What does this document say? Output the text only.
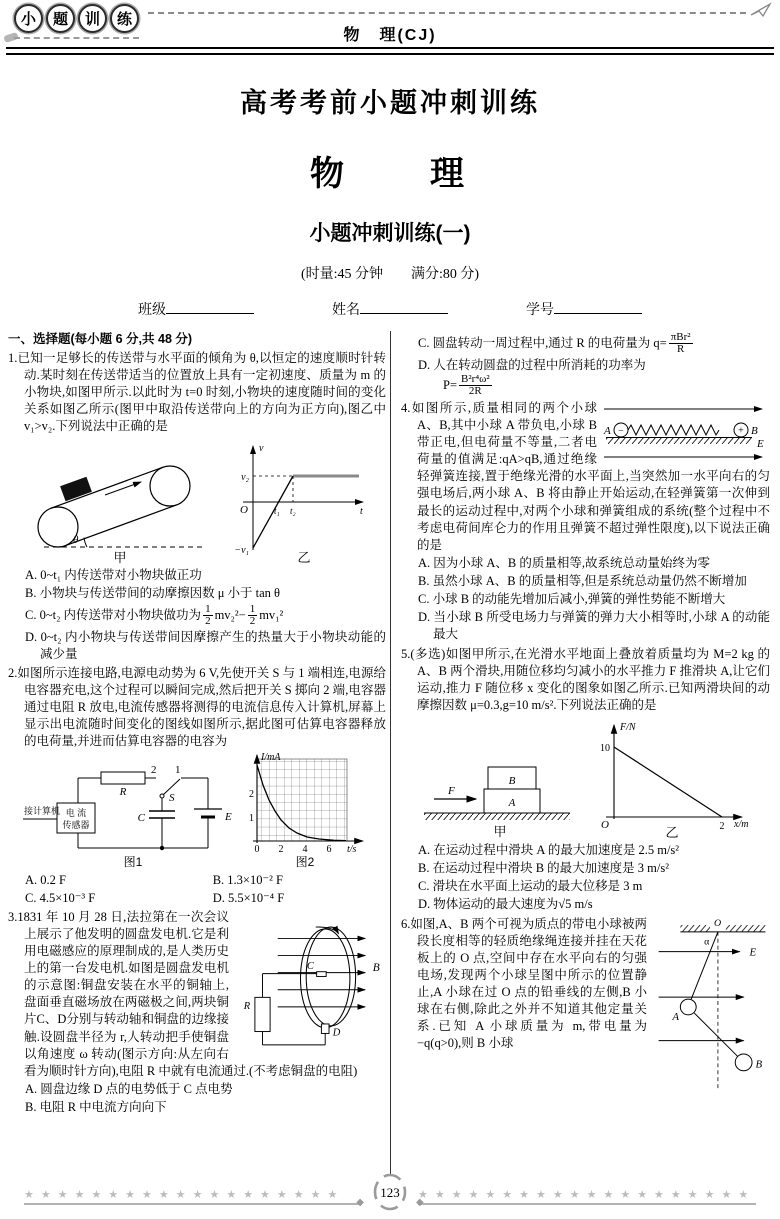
小	题	训	练
物　理(CJ)
高考考前小题冲刺训练
物　　理
小题冲刺训练(一)
(时量:45 分钟　　满分:80 分)
班级	姓名	学号
一、选择题(每小题 6 分,共 48 分)
1.已知一足够长的传送带与水平面的倾角为 θ,以恒定的速度顺时针转动.某时刻在传送带适当的位置放上具有一定初速度、质量为 m 的小物块,如图甲所示.以此时为 t=0 时刻,小物块的速度随时间的变化关系如图乙所示(图甲中取沿传送带向上的方向为正方向),图乙中 v₁>v₂.下列说法中正确的是
θ
甲
v
v₂
O	t₁ t₂	t
−v₁	乙
A. 0~t₁ 内传送带对小物块做正功
B. 小物块与传送带间的动摩擦因数 μ 小于 tan θ
C. 0~t₂ 内传送带对小物块做功为 $\frac{1}{2} mv_2^2- \frac{1}{2} mv_1^2$
D. 0~t₂ 内小物块与传送带间因摩擦产生的热量大于小物块动能的减少量
2.如图所示连接电路,电源电动势为 6 V,先使开关 S 与 1 端相连,电源给电容器充电,这个过程可以瞬间完成,然后把开关 S 掷向 2 端,电容器通过电阻 R 放电,电流传感器将测得的电流信息传入计算机,屏幕上显示出电流随时间变化的图线如图所示,据此图可估算电容器释放的电荷量,并进而估算电容器的电容为
R
2 1
S
C	E
电 流
传感器
接计算机
图1
I/mA
2
1
0 2 4 6 t/s
图2
A. 0.2 F	B. 1.3×10⁻² F
C. 4.5×10⁻³ F	D. 5.5×10⁻⁴ F
B
C
R
D
3.1831 年 10 月 28 日,法拉第在一次会议上展示了他发明的圆盘发电机.它是利用电磁感应的原理制成的,是人类历史上的第一台发电机.如图是圆盘发电机的示意图:铜盘安装在水平的铜轴上,盘面垂直磁场放在两磁极之间,两块铜片C、D分别与转动轴和铜盘的边缘接触.设圆盘半径为 r,人转动把手使铜盘以角速度 ω 转动(图示方向:从左向右看为顺时针方向),电阻 R 中就有电流通过.(不考虑铜盘的电阻)
A. 圆盘边缘 D 点的电势低于 C 点电势
B. 电阻 R 中电流方向向下
C. 圆盘转动一周过程中,通过 R 的电荷量为 $q= \frac{\text{πBr²}}{R}$
D. 人在转动圆盘的过程中所消耗的功率为
$P= \frac{\text{B²r⁴ω²}}{2R}$
A −	+ B
E
4.如图所示,质量相同的两个小球 A、B,其中小球 A 带负电,小球 B 带正电,但电荷量不等量,二者电荷量的值满足:qA>qB,通过绝缘轻弹簧连接,置于绝缘光滑的水平面上,当突然加一水平向右的匀强电场后,两小球 A、B 将由静止开始运动,在轻弹簧第一次伸到最长的运动过程中,对两个小球和弹簧组成的系统(整个过程中不考虑电荷间库仑力的作用且弹簧不超过弹性限度),以下说法正确的是
A. 因为小球 A、B 的质量相等,故系统总动量始终为零
B. 虽然小球 A、B 的质量相等,但是系统总动量仍然不断增加
C. 小球 B 的动能先增加后减小,弹簧的弹性势能不断增大
D. 当小球 B 所受电场力与弹簧的弹力大小相等时,小球 A 的动能最大
5.(多选)如图甲所示,在光滑水平地面上叠放着质量均为 M=2 kg 的 A、B 两个滑块,用随位移均匀减小的水平推力 F 推滑块 A,让它们运动,推力 F 随位移 x 变化的图象如图乙所示.已知两滑块间的动摩擦因数 μ=0.3,g=10 m/s².下列说法正确的是
B
A
F
甲
F/N
10
O	2 x/m
乙
A. 在运动过程中滑块 A 的最大加速度是 2.5 m/s²
B. 在运动过程中滑块 B 的最大加速度是 3 m/s²
C. 滑块在水平面上运动的最大位移是 3 m
D. 物体运动的最大速度为√5 m/s
O
α
A
B
E
6.如图,A、B 两个可视为质点的带电小球被两段长度相等的轻质绝缘绳连接并挂在天花板上的 O 点,空间中存在水平向右的匀强电场,发现两个小球呈图中所示的位置静止,A 小球在过 O 点的铅垂线的左侧,B 小球在右侧,除此之外并不知道其他定量关系.已知 A 小球质量为 m,带电量为 −q(q>0),则 B 小球
★★★★★★★★★★★★★★★★★★★
◆
123 ★★★★★★★★★★★★★★★★★★★★
◆
